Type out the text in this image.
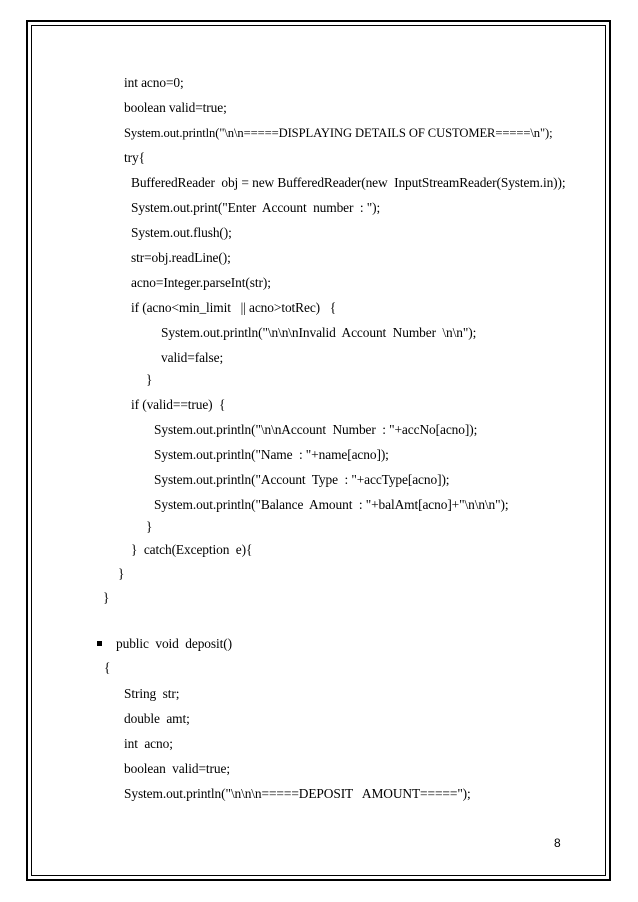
int acno=0;
boolean valid=true;
System.out.println("\n\n=====DISPLAYING DETAILS OF CUSTOMER=====\n");
try{
BufferedReader  obj = new BufferedReader(new  InputStreamReader(System.in));
System.out.print("Enter  Account  number  : ");
System.out.flush();
str=obj.readLine();
acno=Integer.parseInt(str);
if (acno<min_limit   || acno>totRec)   {
System.out.println("\n\n\nInvalid  Account  Number  \n\n");
valid=false;
}
if (valid==true)  {
System.out.println("\n\nAccount  Number  : "+accNo[acno]);
System.out.println("Name  : "+name[acno]);
System.out.println("Account  Type  : "+accType[acno]);
System.out.println("Balance  Amount  : "+balAmt[acno]+"\n\n\n");
}
}  catch(Exception  e){
}
}
public  void  deposit()
{
String  str;
double  amt;
int  acno;
boolean  valid=true;
System.out.println("\n\n\n=====DEPOSIT   AMOUNT=====");
8
